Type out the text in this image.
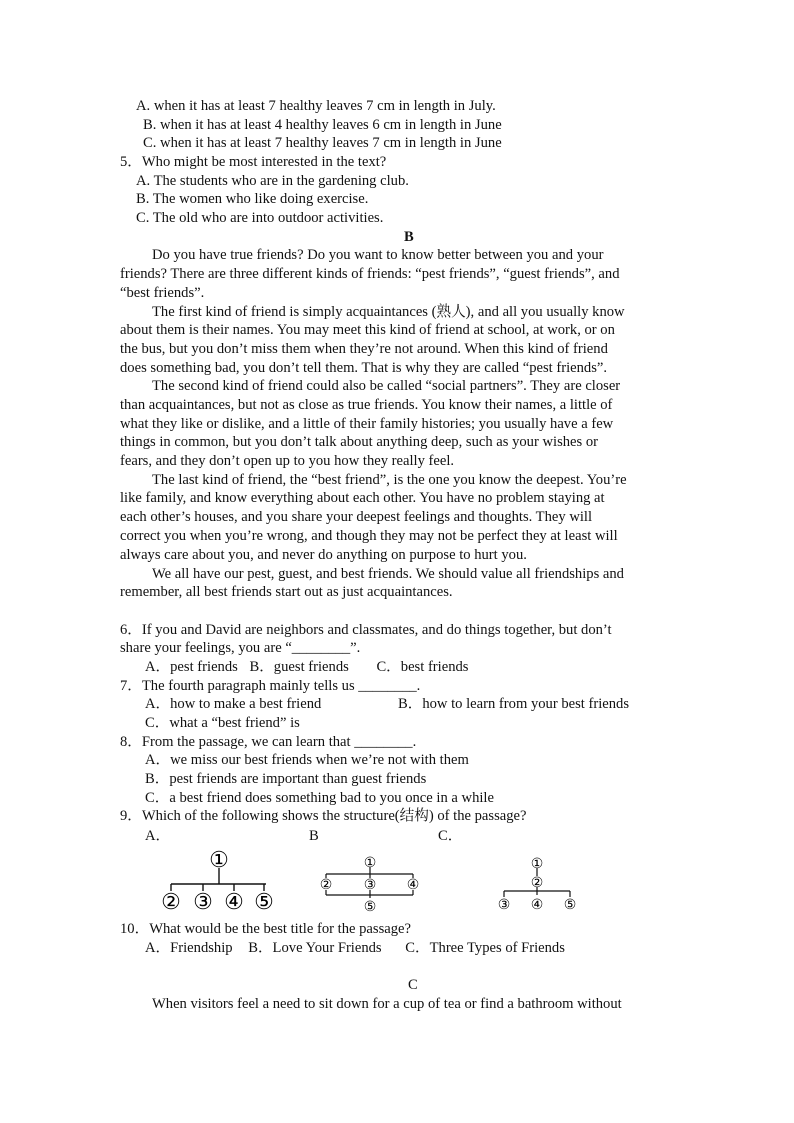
A. when it has at least 7 healthy leaves 7 cm in length in July.
B. when it has at least 4 healthy leaves 6 cm in length in June
C. when it has at least 7 healthy leaves 7 cm in length in June
5．Who might be most interested in the text?
A. The students who are in the gardening club.
B. The women who like doing exercise.
C. The old who are into outdoor activities.
B
Do you have true friends? Do you want to know better between you and your
friends? There are three different kinds of friends: “pest friends”, “guest friends”, and
“best friends”.
The first kind of friend is simply acquaintances (熟人), and all you usually know
about them is their names. You may meet this kind of friend at school, at work, or on
the bus, but you don’t miss them when they’re not around. When this kind of friend
does something bad, you don’t tell them. That is why they are called “pest friends”.
The second kind of friend could also be called “social partners”. They are closer
than acquaintances, but not as close as true friends. You know their names, a little of
what they like or dislike, and a little of their family histories; you usually have a few
things in common, but you don’t talk about anything deep, such as your wishes or
fears, and they don’t open up to you how they really feel.
The last kind of friend, the “best friend”, is the one you know the deepest. You’re
like family, and know everything about each other. You have no problem staying at
each other’s houses, and you share your deepest feelings and thoughts. They will
correct you when you’re wrong, and though they may not be perfect they at least will
always care about you, and never do anything on purpose to hurt you.
We all have our pest, guest, and best friends. We should value all friendships and
remember, all best friends start out as just acquaintances.
6．If you and David are neighbors and classmates, and do things together, but don’t
share your feelings, you are “________”.
A．pest friends B．guest friends C．best friends
7．The fourth paragraph mainly tells us ________.
A．how to make a best friend	B．how to learn from your best friends
C．what a “best friend” is
8．From the passage, we can learn that ________.
A．we miss our best friends when we’re not with them
B．pest friends are important than guest friends
C．a best friend does something bad to you once in a while
9．Which of the following shows the structure(结构) of the passage?
A．	B	C．
①
② ③ ④ ⑤
①
② ③ ④
⑤
①
②
③ ④ ⑤
10．What would be the best title for the passage?
A．Friendship B．Love Your Friends C．Three Types of Friends
C
When visitors feel a need to sit down for a cup of tea or find a bathroom without
